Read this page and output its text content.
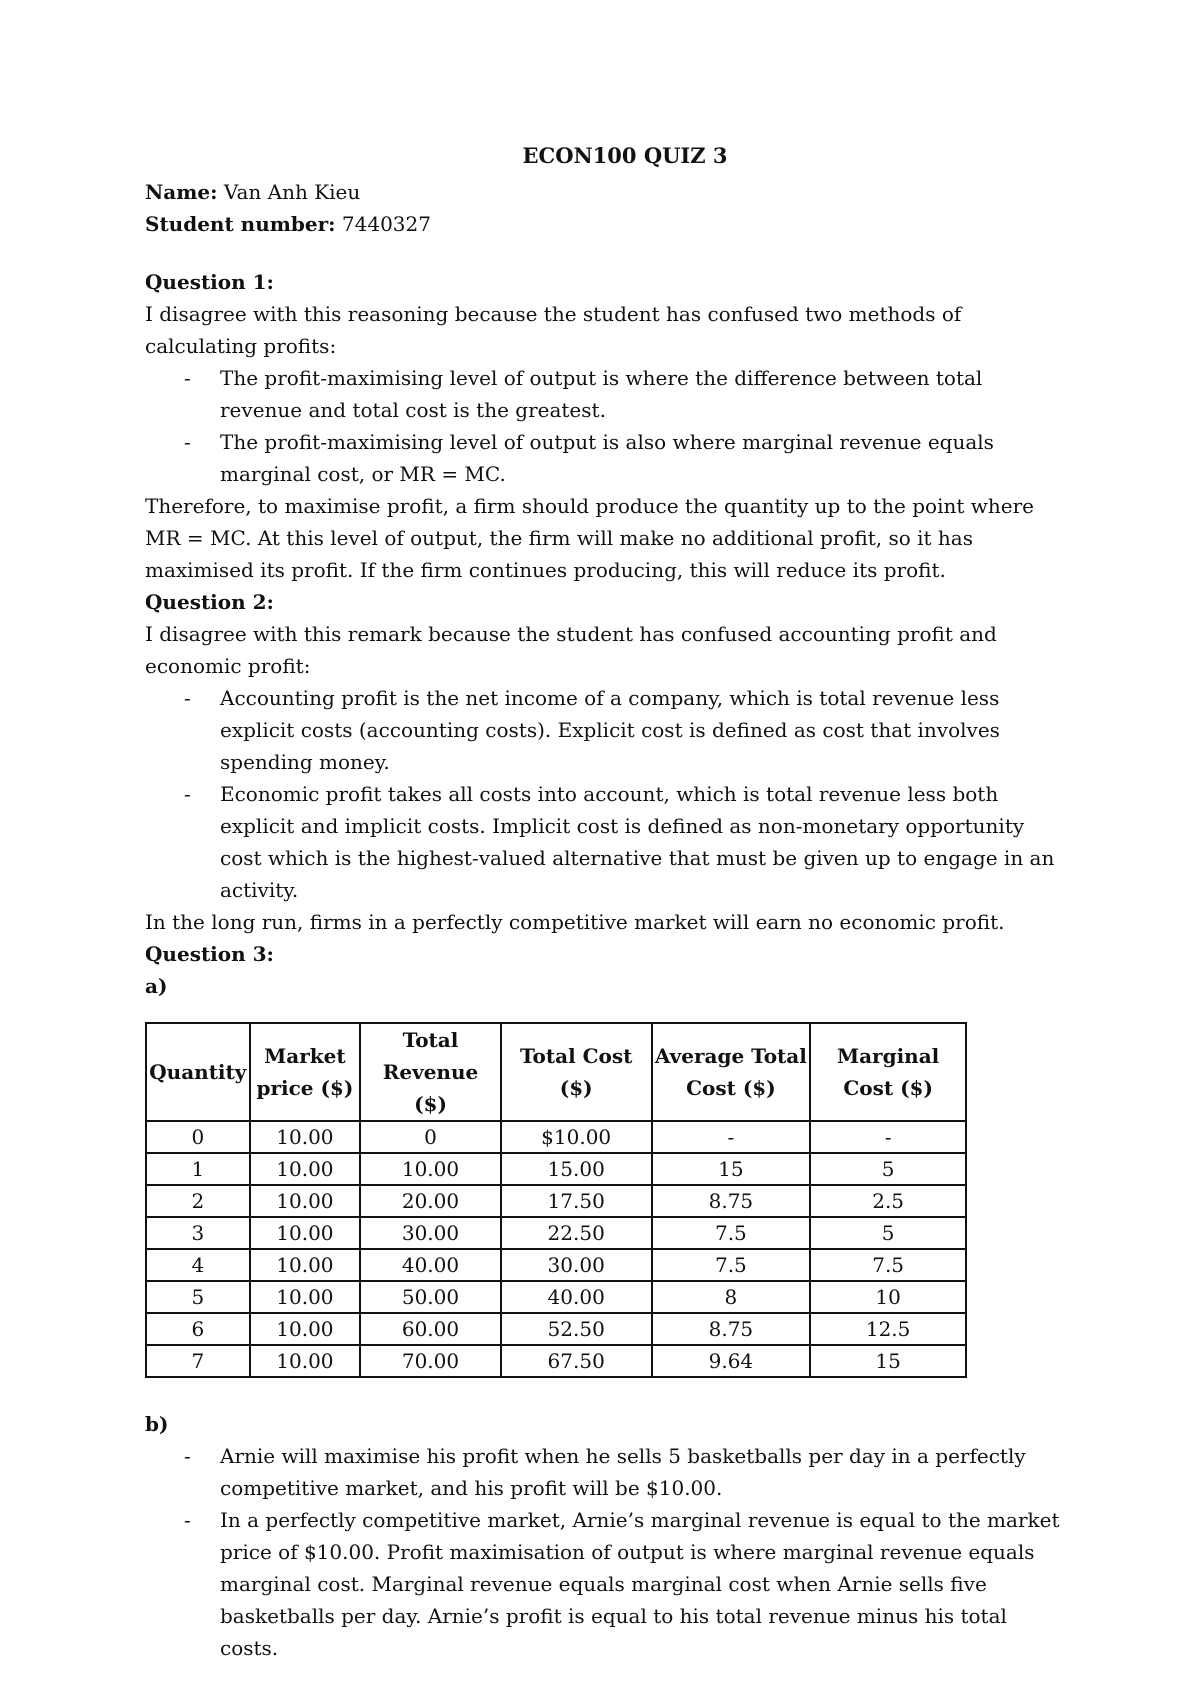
ECON100 QUIZ 3
Name: Van Anh Kieu
Student number: 7440327
Question 1:

I disagree with this reasoning because the student has confused two methods of calculating profits:

- The profit-maximising level of output is where the difference between total revenue and total cost is the greatest.
- The profit-maximising level of output is also where marginal revenue equals marginal cost, or MR = MC.

Therefore, to maximise profit, a firm should produce the quantity up to the point where MR = MC. At this level of output, the firm will make no additional profit, so it has maximised its profit. If the firm continues producing, this will reduce its profit.

Question 2:

I disagree with this remark because the student has confused accounting profit and economic profit:

- Accounting profit is the net income of a company, which is total revenue less explicit costs (accounting costs). Explicit cost is defined as cost that involves spending money.
- Economic profit takes all costs into account, which is total revenue less both explicit and implicit costs. Implicit cost is defined as non-monetary opportunity cost which is the highest-valued alternative that must be given up to engage in an activity.

In the long run, firms in a perfectly competitive market will earn no economic profit.

Question 3:
a)
Quantity	Market price ($)	Total Revenue ($)	Total Cost ($)	Average Total Cost ($)	Marginal Cost ($)
0	10.00	0	$10.00	-	-
1	10.00	10.00	15.00	15	5
2	10.00	20.00	17.50	8.75	2.5
3	10.00	30.00	22.50	7.5	5
4	10.00	40.00	30.00	7.5	7.5
5	10.00	50.00	40.00	8	10
6	10.00	60.00	52.50	8.75	12.5
7	10.00	70.00	67.50	9.64	15
b)
- Arnie will maximise his profit when he sells 5 basketballs per day in a perfectly competitive market, and his profit will be $10.00.
- In a perfectly competitive market, Arnie’s marginal revenue is equal to the market price of $10.00. Profit maximisation of output is where marginal revenue equals marginal cost. Marginal revenue equals marginal cost when Arnie sells five basketballs per day. Arnie’s profit is equal to his total revenue minus his total costs.
